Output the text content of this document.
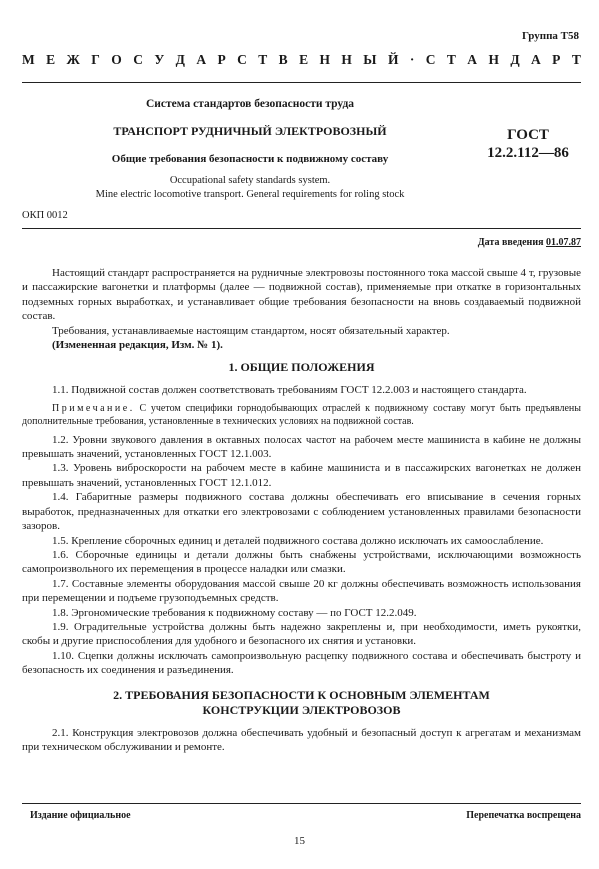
Группа Т58
М Е Ж Г О С У Д А Р С Т В Е Н Н Ы Й · С Т А Н Д А Р Т
Система стандартов безопасности труда
ТРАНСПОРТ РУДНИЧНЫЙ ЭЛЕКТРОВОЗНЫЙ	ГОСТ
12.2.112—86
Общие требования безопасности к подвижному составу
Occupational safety standards system.
Mine electric locomotive transport. General requirements for roling stock
ОКП 0012
Дата введения 01.07.87

Настоящий стандарт распространяется на рудничные электровозы постоянного тока массой свыше 4 т, грузовые и пассажирские вагонетки и платформы (далее — подвижной состав), применяемые при откатке в горизонтальных подземных горных выработках, и устанавливает общие требования безопасности на вновь создаваемый подвижной состав.

Требования, устанавливаемые настоящим стандартом, носят обязательный характер.

(Измененная редакция, Изм. № 1).

1. ОБЩИЕ ПОЛОЖЕНИЯ

1.1. Подвижной состав должен соответствовать требованиям ГОСТ 12.2.003 и настоящего стандарта.

Примечание. С учетом специфики горнодобывающих отраслей к подвижному составу могут быть предъявлены дополнительные требования, установленные в технических условиях на подвижной состав.

1.2. Уровни звукового давления в октавных полосах частот на рабочем месте машиниста в кабине не должны превышать значений, установленных ГОСТ 12.1.003.

1.3. Уровень виброскорости на рабочем месте в кабине машиниста и в пассажирских вагонетках не должен превышать значений, установленных ГОСТ 12.1.012.

1.4. Габаритные размеры подвижного состава должны обеспечивать его вписывание в сечения горных выработок, предназначенных для откатки его электровозами с соблюдением установленных правилами безопасности зазоров.

1.5. Крепление сборочных единиц и деталей подвижного состава должно исключать их самоослабление.

1.6. Сборочные единицы и детали должны быть снабжены устройствами, исключающими возможность самопроизвольного их перемещения в процессе наладки или смазки.

1.7. Составные элементы оборудования массой свыше 20 кг должны обеспечивать возможность использования при перемещении и подъеме грузоподъемных средств.

1.8. Эргономические требования к подвижному составу — по ГОСТ 12.2.049.

1.9. Оградительные устройства должны быть надежно закреплены и, при необходимости, иметь рукоятки, скобы и другие приспособления для удобного и безопасного их снятия и установки.

1.10. Сцепки должны исключать самопроизвольную расцепку подвижного состава и обеспечивать быстроту и безопасность их соединения и разъединения.

2. ТРЕБОВАНИЯ БЕЗОПАСНОСТИ К ОСНОВНЫМ ЭЛЕМЕНТАМ

КОНСТРУКЦИИ ЭЛЕКТРОВОЗОВ

2.1. Конструкция электровозов должна обеспечивать удобный и безопасный доступ к агрегатам и механизмам при техническом обслуживании и ремонте.

Издание официальное	Перепечатка воспрещена
15
